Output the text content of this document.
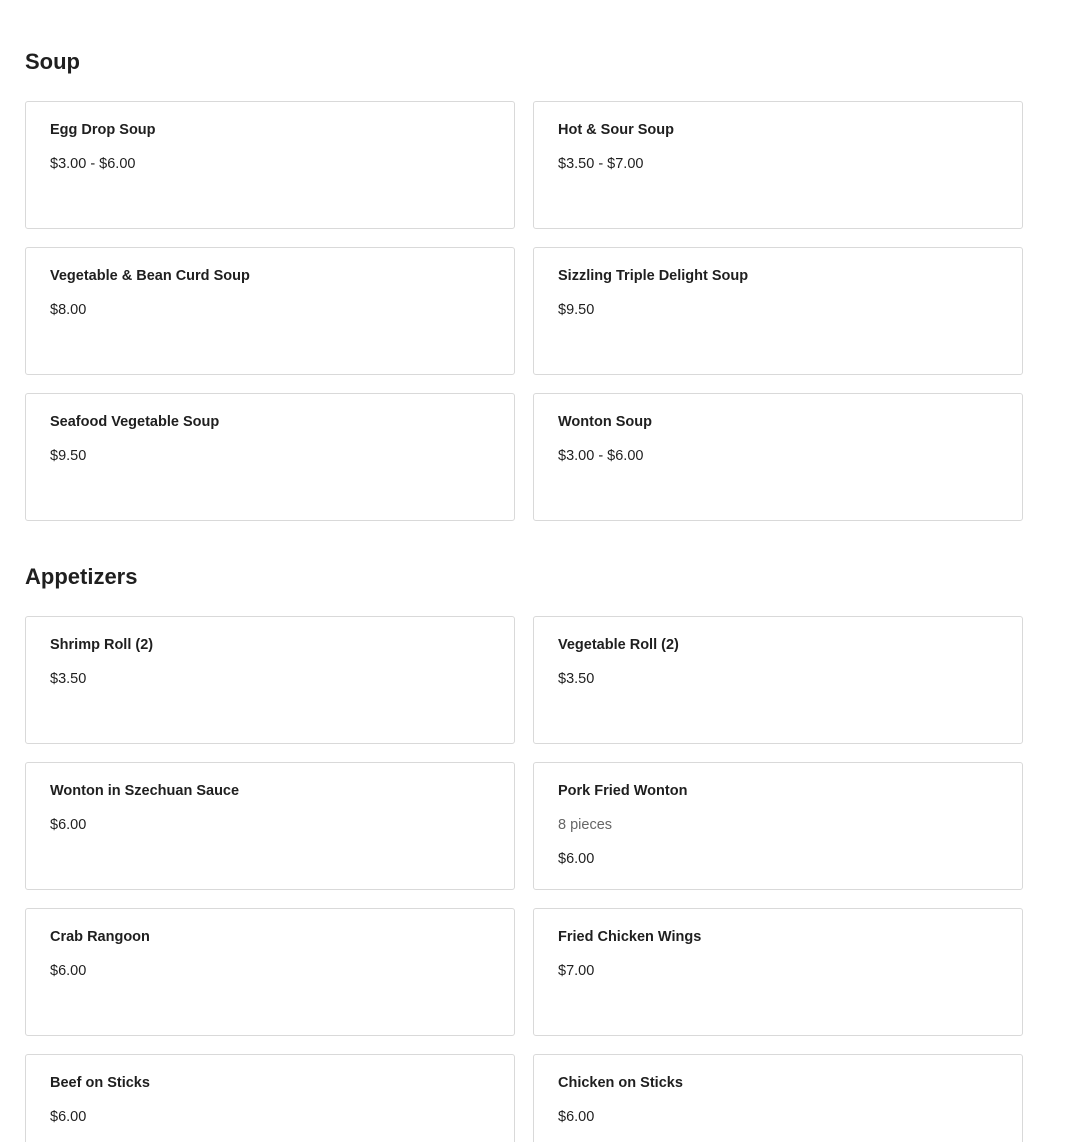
Soup
Egg Drop Soup
$3.00 - $6.00
Hot & Sour Soup
$3.50 - $7.00
Vegetable & Bean Curd Soup
$8.00
Sizzling Triple Delight Soup
$9.50
Seafood Vegetable Soup
$9.50
Wonton Soup
$3.00 - $6.00
Appetizers
Shrimp Roll (2)
$3.50
Vegetable Roll (2)
$3.50
Wonton in Szechuan Sauce
$6.00
Pork Fried Wonton
8 pieces
$6.00
Crab Rangoon
$6.00
Fried Chicken Wings
$7.00
Beef on Sticks
$6.00
Chicken on Sticks
$6.00
